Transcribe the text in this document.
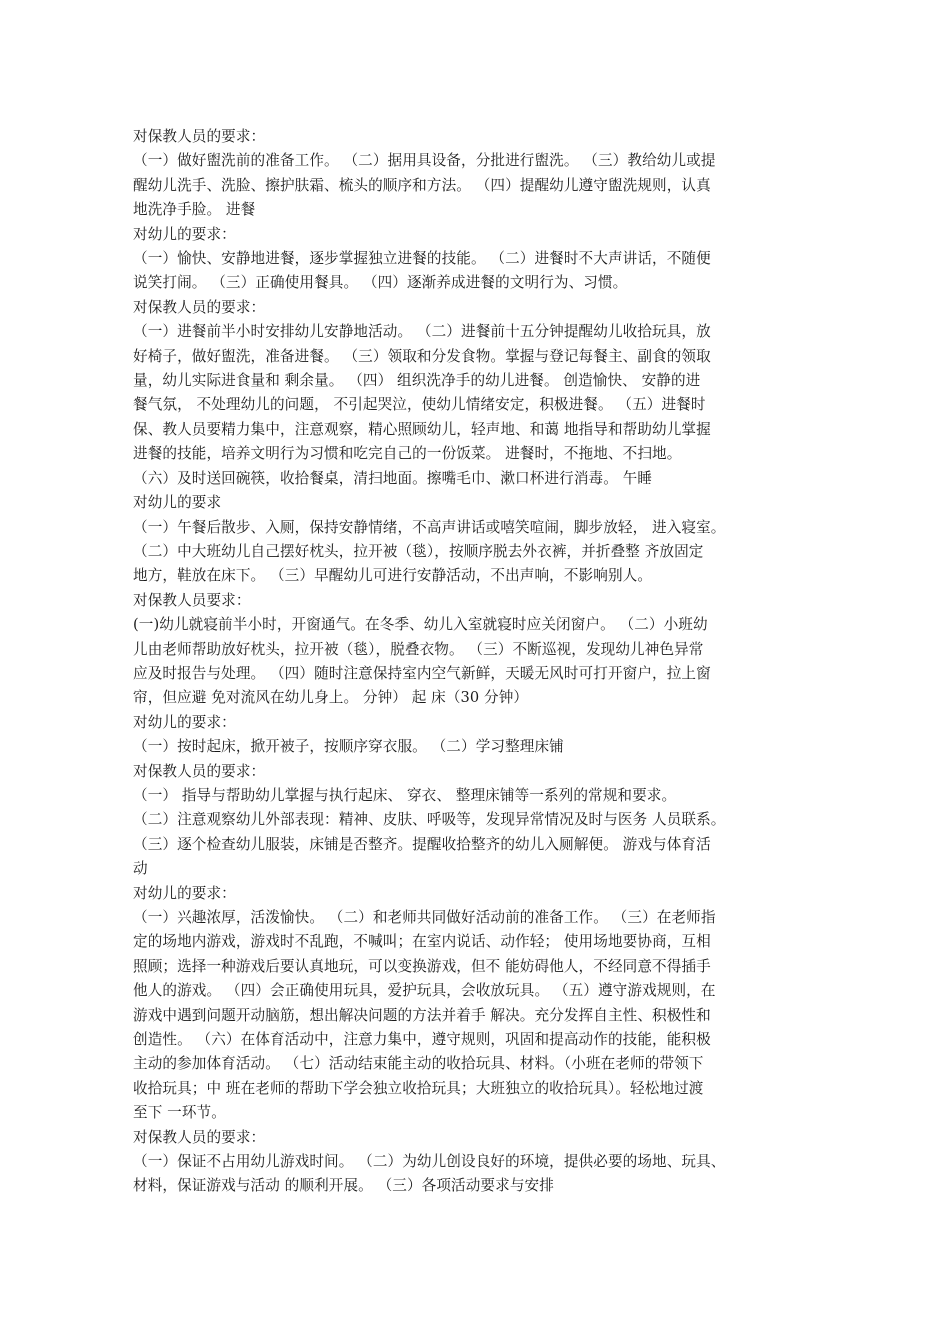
对保教人员的要求：
（一）做好盥洗前的准备工作。 （二）据用具设备，分批进行盥洗。 （三）教给幼儿或提
醒幼儿洗手、洗脸、擦护肤霜、梳头的顺序和方法。 （四）提醒幼儿遵守盥洗规则，认真
地洗净手脸。 进餐
对幼儿的要求：
（一）愉快、安静地进餐，逐步掌握独立进餐的技能。 （二）进餐时不大声讲话，不随便
说笑打闹。 （三）正确使用餐具。 （四）逐渐养成进餐的文明行为、习惯。
对保教人员的要求：
（一）进餐前半小时安排幼儿安静地活动。 （二）进餐前十五分钟提醒幼儿收拾玩具，放
好椅子，做好盥洗，准备进餐。 （三）领取和分发食物。掌握与登记每餐主、副食的领取
量，幼儿实际进食量和 剩余量。 （四） 组织洗净手的幼儿进餐。 创造愉快、 安静的进
餐气氛， 不处理幼儿的问题， 不引起哭泣，使幼儿情绪安定，积极进餐。 （五）进餐时
保、教人员要精力集中，注意观察，精心照顾幼儿，轻声地、和蔼 地指导和帮助幼儿掌握
进餐的技能，培养文明行为习惯和吃完自己的一份饭菜。 进餐时，不拖地、不扫地。
（六）及时送回碗筷，收拾餐桌，清扫地面。擦嘴毛巾、漱口杯进行消毒。 午睡
对幼儿的要求
（一）午餐后散步、入厕，保持安静情绪，不高声讲话或嘻笑喧闹，脚步放轻， 进入寝室。
（二）中大班幼儿自己摆好枕头，拉开被（毯），按顺序脱去外衣裤，并折叠整 齐放固定
地方，鞋放在床下。 （三）早醒幼儿可进行安静活动，不出声响，不影响别人。
对保教人员要求：
(一)幼儿就寝前半小时，开窗通气。在冬季、幼儿入室就寝时应关闭窗户。 （二）小班幼
儿由老师帮助放好枕头，拉开被（毯），脱叠衣物。 （三）不断巡视，发现幼儿神色异常
应及时报告与处理。 （四）随时注意保持室内空气新鲜，天暖无风时可打开窗户，拉上窗
帘，但应避 免对流风在幼儿身上。 分钟） 起 床（30 分钟）
对幼儿的要求：
（一）按时起床，掀开被子，按顺序穿衣服。 （二）学习整理床铺
对保教人员的要求：
（一） 指导与帮助幼儿掌握与执行起床、 穿衣、 整理床铺等一系列的常规和要求。
（二）注意观察幼儿外部表现：精神、皮肤、呼吸等，发现异常情况及时与医务 人员联系。
（三）逐个检查幼儿服装，床铺是否整齐。提醒收拾整齐的幼儿入厕解便。 游戏与体育活
动
对幼儿的要求：
（一）兴趣浓厚，活泼愉快。 （二）和老师共同做好活动前的准备工作。 （三）在老师指
定的场地内游戏，游戏时不乱跑，不喊叫；在室内说话、动作轻； 使用场地要协商，互相
照顾；选择一种游戏后要认真地玩，可以变换游戏，但不 能妨碍他人，不经同意不得插手
他人的游戏。 （四）会正确使用玩具，爱护玩具，会收放玩具。 （五）遵守游戏规则，在
游戏中遇到问题开动脑筋，想出解决问题的方法并着手 解决。充分发挥自主性、积极性和
创造性。 （六）在体育活动中，注意力集中，遵守规则，巩固和提高动作的技能，能积极
主动的参加体育活动。 （七）活动结束能主动的收拾玩具、材料。（小班在老师的带领下
收拾玩具；中 班在老师的帮助下学会独立收拾玩具；大班独立的收拾玩具）。轻松地过渡
至下 一环节。
对保教人员的要求：
（一）保证不占用幼儿游戏时间。 （二）为幼儿创设良好的环境，提供必要的场地、玩具、
材料，保证游戏与活动 的顺利开展。 （三）各项活动要求与安排
